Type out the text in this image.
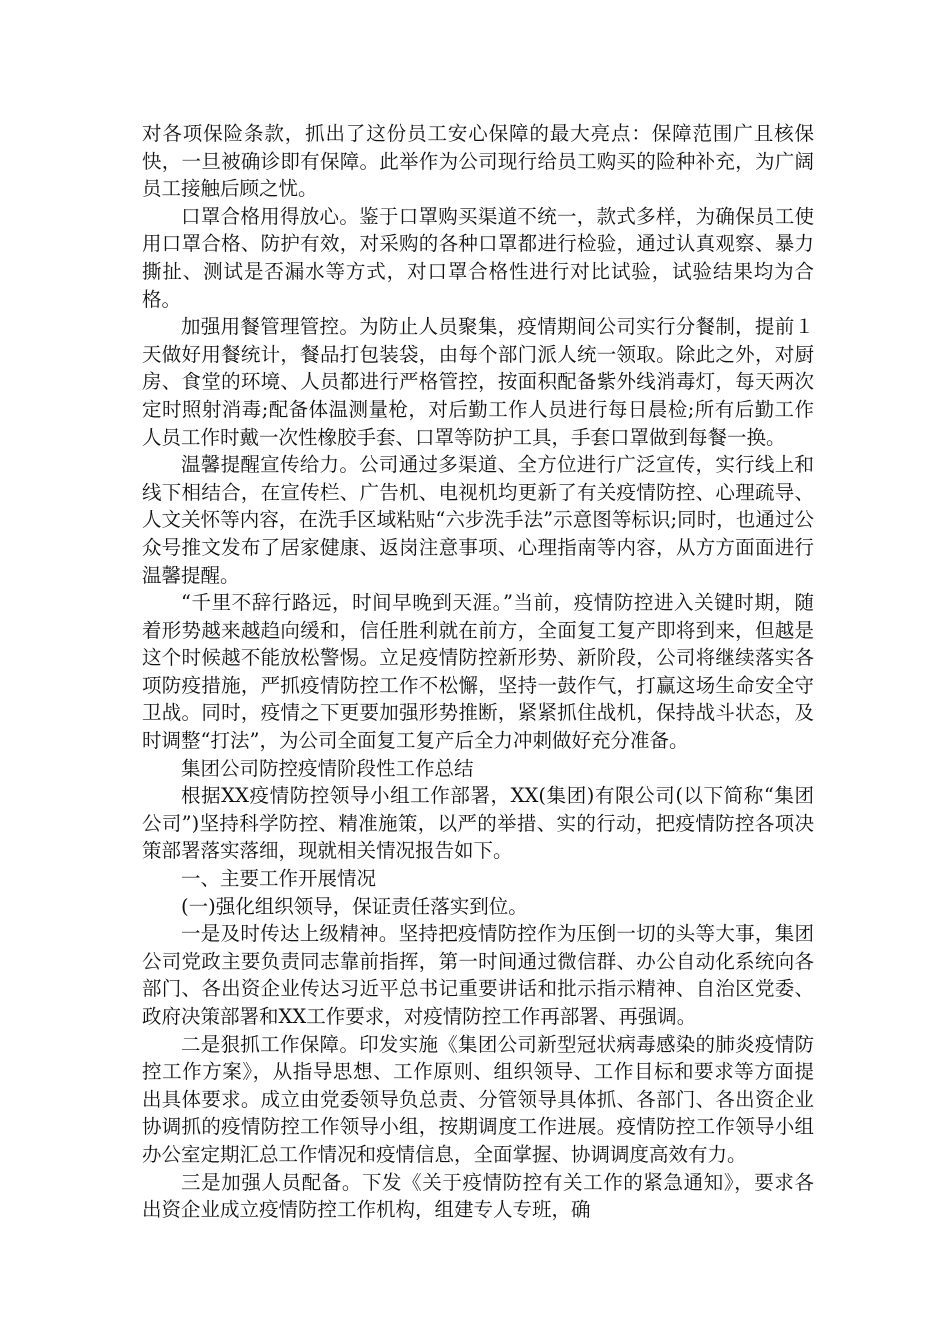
对各项保险条款，抓出了这份员工安心保障的最大亮点：保障范围广且核保快，一旦被确诊即有保障。此举作为公司现行给员工购买的险种补充，为广阔员工接触后顾之忧。

口罩合格用得放心。鉴于口罩购买渠道不统一，款式多样，为确保员工使用口罩合格、防护有效，对采购的各种口罩都进行检验，通过认真观察、暴力撕扯、测试是否漏水等方式，对口罩合格性进行对比试验，试验结果均为合格。

加强用餐管理管控。为防止人员聚集，疫情期间公司实行分餐制，提前１天做好用餐统计，餐品打包装袋，由每个部门派人统一领取。除此之外，对厨房、食堂的环境、人员都进行严格管控，按面积配备紫外线消毒灯，每天两次定时照射消毒;配备体温测量枪，对后勤工作人员进行每日晨检;所有后勤工作人员工作时戴一次性橡胶手套、口罩等防护工具，手套口罩做到每餐一换。

温馨提醒宣传给力。公司通过多渠道、全方位进行广泛宣传，实行线上和线下相结合，在宣传栏、广告机、电视机均更新了有关疫情防控、心理疏导、人文关怀等内容，在洗手区域粘贴“六步洗手法”示意图等标识;同时，也通过公众号推文发布了居家健康、返岗注意事项、心理指南等内容，从方方面面进行温馨提醒。

“千里不辞行路远，时间早晚到天涯。”当前，疫情防控进入关键时期，随着形势越来越趋向缓和，信任胜利就在前方，全面复工复产即将到来，但越是这个时候越不能放松警惕。立足疫情防控新形势、新阶段，公司将继续落实各项防疫措施，严抓疫情防控工作不松懈，坚持一鼓作气，打赢这场生命安全守卫战。同时，疫情之下更要加强形势推断，紧紧抓住战机，保持战斗状态，及时调整“打法”，为公司全面复工复产后全力冲刺做好充分准备。

集团公司防控疫情阶段性工作总结

根据XX疫情防控领导小组工作部署，XX(集团)有限公司(以下简称“集团公司”)坚持科学防控、精准施策，以严的举措、实的行动，把疫情防控各项决策部署落实落细，现就相关情况报告如下。

一、主要工作开展情况

(一)强化组织领导，保证责任落实到位。

一是及时传达上级精神。坚持把疫情防控作为压倒一切的头等大事，集团公司党政主要负责同志靠前指挥，第一时间通过微信群、办公自动化系统向各部门、各出资企业传达习近平总书记重要讲话和批示指示精神、自治区党委、政府决策部署和XX工作要求，对疫情防控工作再部署、再强调。

二是狠抓工作保障。印发实施《集团公司新型冠状病毒感染的肺炎疫情防控工作方案》，从指导思想、工作原则、组织领导、工作目标和要求等方面提出具体要求。成立由党委领导负总责、分管领导具体抓、各部门、各出资企业协调抓的疫情防控工作领导小组，按期调度工作进展。疫情防控工作领导小组办公室定期汇总工作情况和疫情信息，全面掌握、协调调度高效有力。

三是加强人员配备。下发《关于疫情防控有关工作的紧急通知》，要求各出资企业成立疫情防控工作机构，组建专人专班，确
